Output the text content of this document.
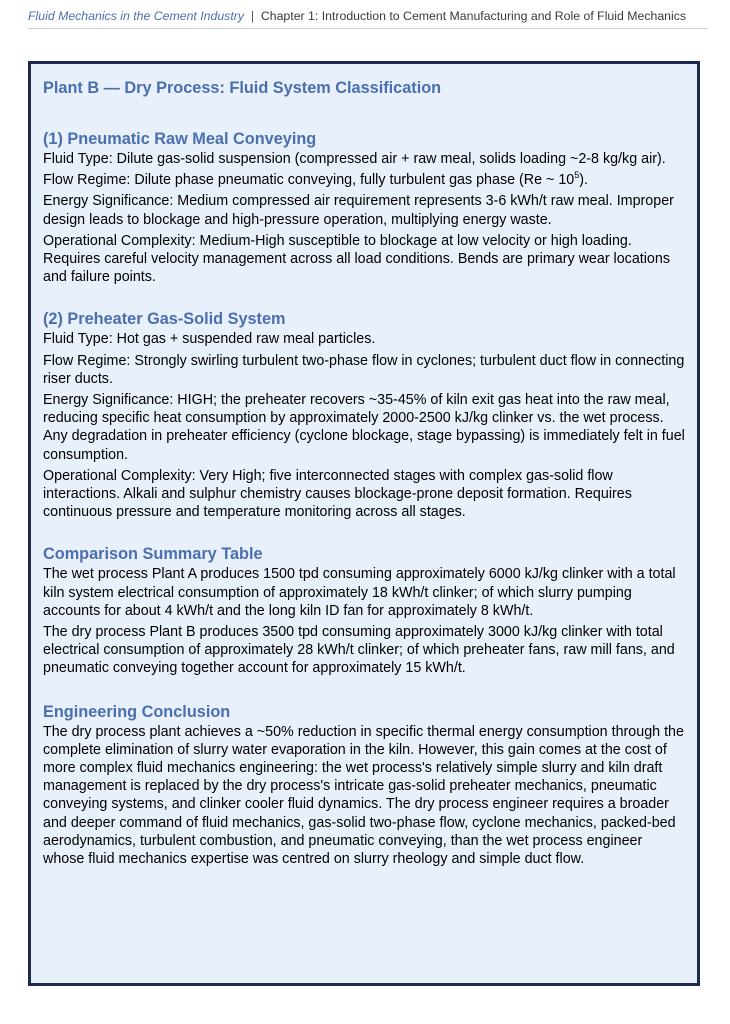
Fluid Mechanics in the Cement Industry | Chapter 1: Introduction to Cement Manufacturing and Role of Fluid Mechanics
Plant B — Dry Process: Fluid System Classification
(1) Pneumatic Raw Meal Conveying

Fluid Type: Dilute gas-solid suspension (compressed air + raw meal, solids loading ~2-8 kg/kg air).

Flow Regime: Dilute phase pneumatic conveying, fully turbulent gas phase (Re ~ $10^5$).

Energy Significance: Medium compressed air requirement represents 3-6 kWh/t raw meal. Improper design leads to blockage and high-pressure operation, multiplying energy waste.

Operational Complexity: Medium-High susceptible to blockage at low velocity or high loading. Requires careful velocity management across all load conditions. Bends are primary wear locations and failure points.

(2) Preheater Gas-Solid System

Fluid Type: Hot gas + suspended raw meal particles.

Flow Regime: Strongly swirling turbulent two-phase flow in cyclones; turbulent duct flow in connecting riser ducts.

Energy Significance: HIGH; the preheater recovers ~35-45% of kiln exit gas heat into the raw meal, reducing specific heat consumption by approximately 2000-2500 kJ/kg clinker vs. the wet process. Any degradation in preheater efficiency (cyclone blockage, stage bypassing) is immediately felt in fuel consumption.

Operational Complexity: Very High; five interconnected stages with complex gas-solid flow interactions. Alkali and sulphur chemistry causes blockage-prone deposit formation. Requires continuous pressure and temperature monitoring across all stages.

Comparison Summary Table

The wet process Plant A produces 1500 tpd consuming approximately 6000 kJ/kg clinker with a total kiln system electrical consumption of approximately 18 kWh/t clinker; of which slurry pumping accounts for about 4 kWh/t and the long kiln ID fan for approximately 8 kWh/t.

The dry process Plant B produces 3500 tpd consuming approximately 3000 kJ/kg clinker with total electrical consumption of approximately 28 kWh/t clinker; of which preheater fans, raw mill fans, and pneumatic conveying together account for approximately 15 kWh/t.

Engineering Conclusion

The dry process plant achieves a ~50% reduction in specific thermal energy consumption through the complete elimination of slurry water evaporation in the kiln. However, this gain comes at the cost of more complex fluid mechanics engineering: the wet process's relatively simple slurry and kiln draft management is replaced by the dry process's intricate gas-solid preheater mechanics, pneumatic conveying systems, and clinker cooler fluid dynamics. The dry process engineer requires a broader and deeper command of fluid mechanics, gas-solid two-phase flow, cyclone mechanics, packed-bed aerodynamics, turbulent combustion, and pneumatic conveying, than the wet process engineer whose fluid mechanics expertise was centred on slurry rheology and simple duct flow.
